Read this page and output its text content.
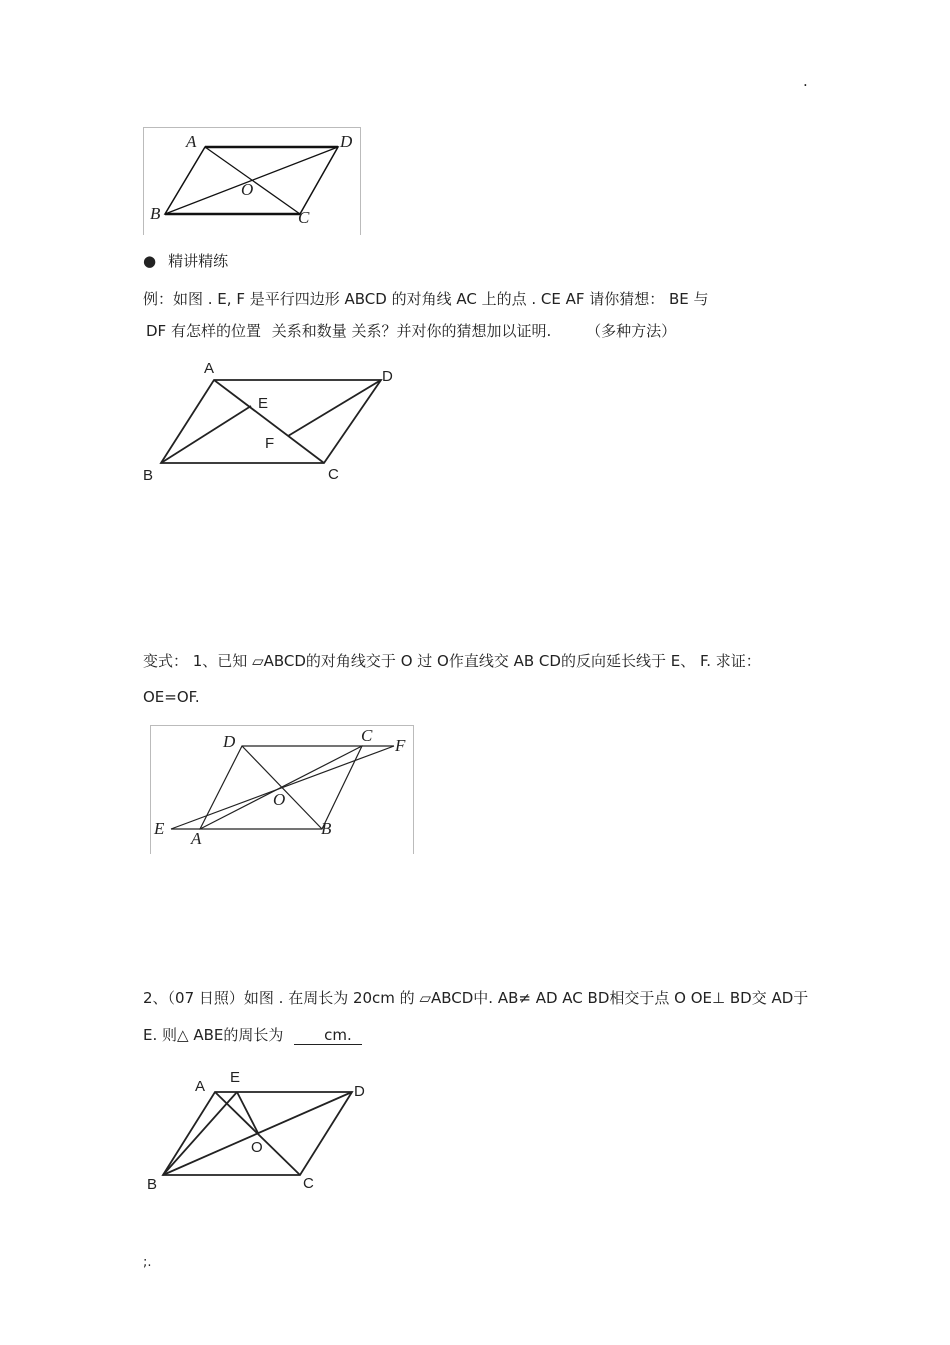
.
A	D
O
B	C
● 精讲精练
例：如图 . E, F 是平行四边形 ABCD 的对角线 AC 上的点 . CE AF 请你猜想： BE 与
DF 有怎样的位置 关系和数量 关系？并对你的猜想加以证明. （多种方法）
A	D
E
F
B	C
变式： 1、已知 ▱ABCD的对角线交于 O 过 O作直线交 AB CD的反向延长线于 E、 F. 求证：
OE=OF.
D	C
F
O
E
A
B
2、（07 日照）如图 . 在周长为 20cm 的 ▱ABCD中. AB≠ AD AC BD相交于点 O OE⊥ BD交 AD于
E. 则△ ABE的周长为	cm.
A
E
D
O
B	C
;.
